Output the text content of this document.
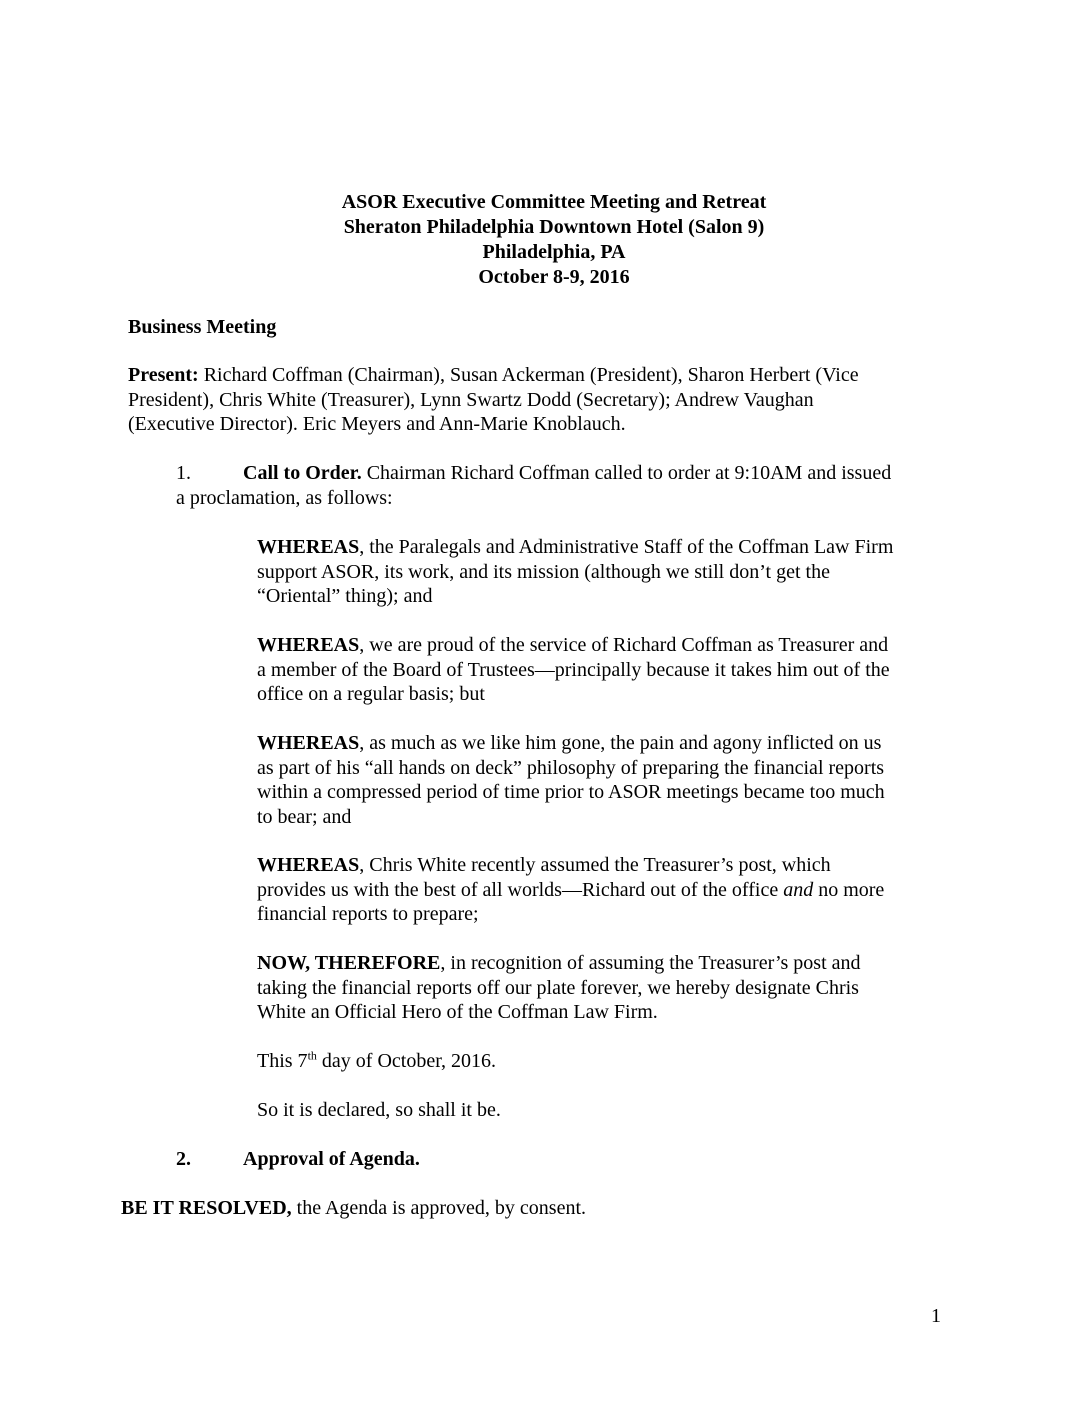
ASOR Executive Committee Meeting and Retreat
Sheraton Philadelphia Downtown Hotel (Salon 9)
Philadelphia, PA
October 8-9, 2016
Business Meeting
Present: Richard Coffman (Chairman), Susan Ackerman (President), Sharon Herbert (Vice
President), Chris White (Treasurer), Lynn Swartz Dodd (Secretary); Andrew Vaughan
(Executive Director). Eric Meyers and Ann-Marie Knoblauch.
1.	Call to Order. Chairman Richard Coffman called to order at 9:10AM and issued
a proclamation, as follows:
WHEREAS, the Paralegals and Administrative Staff of the Coffman Law Firm
support ASOR, its work, and its mission (although we still don’t get the
“Oriental” thing); and
WHEREAS, we are proud of the service of Richard Coffman as Treasurer and
a member of the Board of Trustees—principally because it takes him out of the
office on a regular basis; but
WHEREAS, as much as we like him gone, the pain and agony inflicted on us
as part of his “all hands on deck” philosophy of preparing the financial reports
within a compressed period of time prior to ASOR meetings became too much
to bear; and
WHEREAS, Chris White recently assumed the Treasurer’s post, which
provides us with the best of all worlds—Richard out of the office and no more
financial reports to prepare;
NOW, THEREFORE, in recognition of assuming the Treasurer’s post and
taking the financial reports off our plate forever, we hereby designate Chris
White an Official Hero of the Coffman Law Firm.
This 7th day of October, 2016.
So it is declared, so shall it be.
2.	Approval of Agenda.
BE IT RESOLVED, the Agenda is approved, by consent.
1
